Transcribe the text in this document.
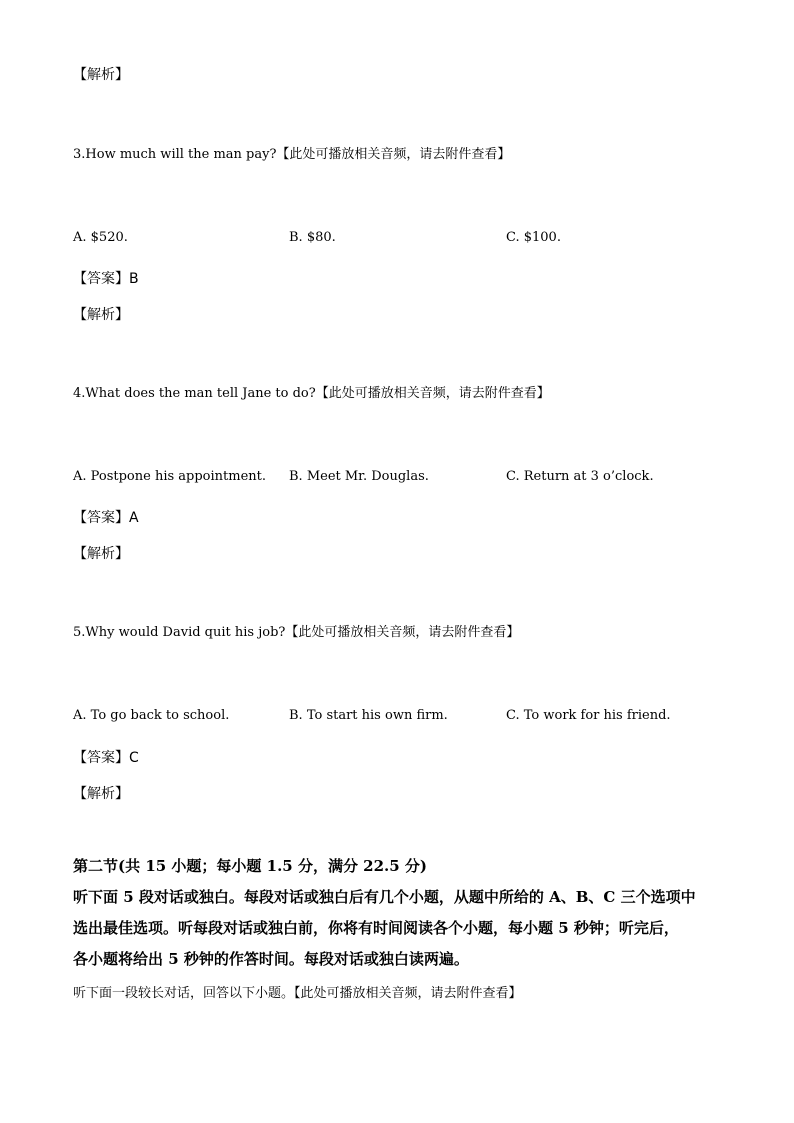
【解析】
3.How much will the man pay?【此处可播放相关音频，请去附件查看】
A. $520.	B. $80.	C. $100.
【答案】B
【解析】
4.What does the man tell Jane to do?【此处可播放相关音频，请去附件查看】
A. Postpone his appointment. B. Meet Mr. Douglas.	C. Return at 3 o’clock.
【答案】A
【解析】
5.Why would David quit his job?【此处可播放相关音频，请去附件查看】
A. To go back to school.	B. To start his own firm.	C. To work for his friend.
【答案】C
【解析】
第二节(共 15 小题；每小题 1.5 分，满分 22.5 分)
听下面 5 段对话或独白。每段对话或独白后有几个小题，从题中所给的 A、B、C 三个选项中
选出最佳选项。听每段对话或独白前，你将有时间阅读各个小题，每小题 5 秒钟；听完后，
各小题将给出 5 秒钟的作答时间。每段对话或独白读两遍。
听下面一段较长对话，回答以下小题。【此处可播放相关音频，请去附件查看】
